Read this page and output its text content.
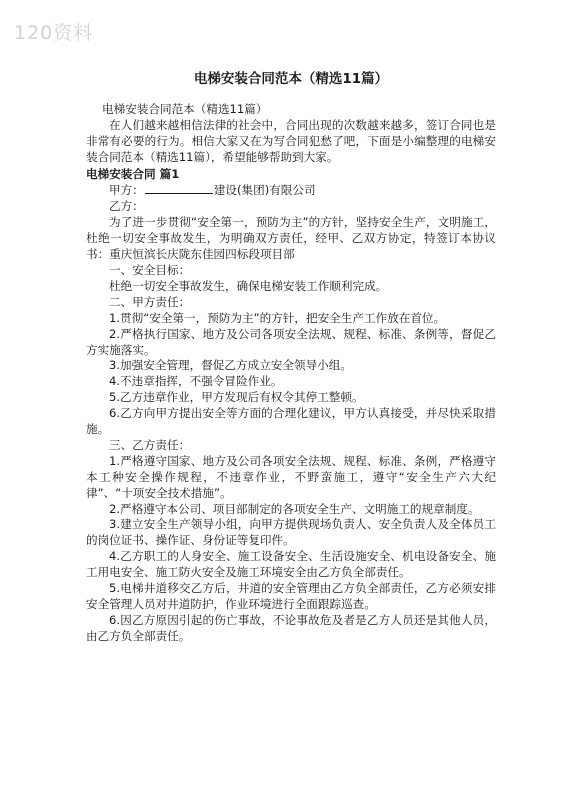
120资料
电梯安装合同范本（精选11篇）

电梯安装合同范本（精选11篇）

在人们越来越相信法律的社会中，合同出现的次数越来越多，签订合同也是非常有必要的行为。相信大家又在为写合同犯愁了吧，下面是小编整理的电梯安装合同范本（精选11篇），希望能够帮助到大家。

电梯安装合同 篇1

甲方：	建设(集团)有限公司

乙方：

为了进一步贯彻“安全第一，预防为主”的方针，坚持安全生产，文明施工，杜绝一切安全事故发生，为明确双方责任，经甲、乙双方协定，特签订本协议书：重庆恒滨长庆陇东佳园四标段项目部

一、安全目标：

杜绝一切安全事故发生，确保电梯安装工作顺利完成。

二、甲方责任：

1.贯彻“安全第一，预防为主”的方针，把安全生产工作放在首位。

2.严格执行国家、地方及公司各项安全法规、规程、标准、条例等，督促乙方实施落实。

3.加强安全管理，督促乙方成立安全领导小组。

4.不违章指挥，不强令冒险作业。

5.乙方违章作业，甲方发现后有权令其停工整顿。

6.乙方向甲方提出安全等方面的合理化建议，甲方认真接受，并尽快采取措施。

三、乙方责任：

1.严格遵守国家、地方及公司各项安全法规、规程、标准、条例，严格遵守本工种安全操作规程，不违章作业，不野蛮施工，遵守“安全生产六大纪律”、“十项安全技术措施”。

2.严格遵守本公司、项目部制定的各项安全生产、文明施工的规章制度。

3.建立安全生产领导小组，向甲方提供现场负责人、安全负责人及全体员工的岗位证书、操作证、身份证等复印件。

4.乙方职工的人身安全、施工设备安全、生活设施安全、机电设备安全、施工用电安全、施工防火安全及施工环境安全由乙方负全部责任。

5.电梯井道移交乙方后，井道的安全管理由乙方负全部责任，乙方必须安排安全管理人员对井道防护，作业环境进行全面跟踪巡查。

6.因乙方原因引起的伤亡事故，不论事故危及者是乙方人员还是其他人员，由乙方负全部责任。
